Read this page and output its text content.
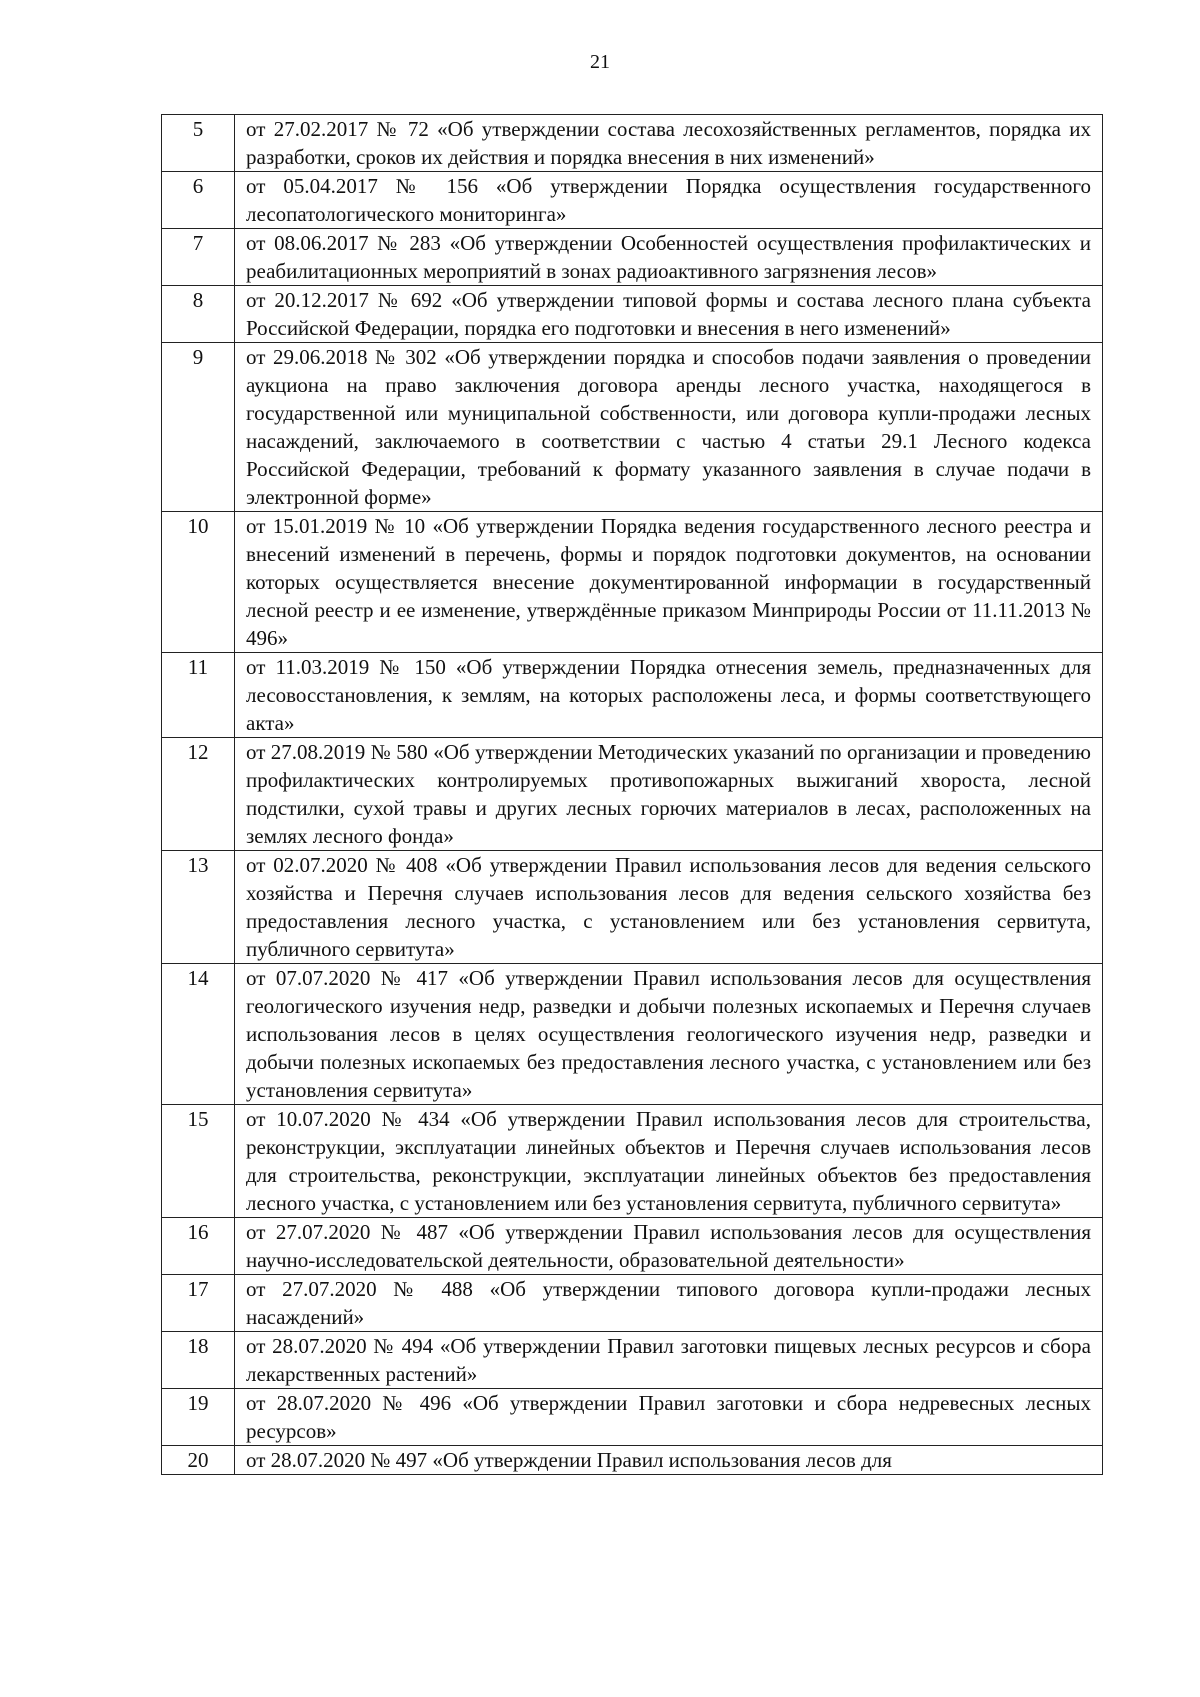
21
5	от 27.02.2017 № 72 «Об утверждении состава лесохозяйственных регламентов, порядка их разработки, сроков их действия и порядка внесения в них изменений»
6	от 05.04.2017 № 156 «Об утверждении Порядка осуществления государственного лесопатологического мониторинга»
7	от 08.06.2017 № 283 «Об утверждении Особенностей осуществления профилактических и реабилитационных мероприятий в зонах радиоактивного загрязнения лесов»
8	от 20.12.2017 № 692 «Об утверждении типовой формы и состава лесного плана субъекта Российской Федерации, порядка его подготовки и внесения в него изменений»
9	от 29.06.2018 № 302 «Об утверждении порядка и способов подачи заявления о проведении аукциона на право заключения договора аренды лесного участка, находящегося в государственной или муниципальной собственности, или договора купли-продажи лесных насаждений, заключаемого в соответствии с частью 4 статьи 29.1 Лесного кодекса Российской Федерации, требований к формату указанного заявления в случае подачи в электронной форме»
10	от 15.01.2019 № 10 «Об утверждении Порядка ведения государственного лесного реестра и внесений изменений в перечень, формы и порядок подготовки документов, на основании которых осуществляется внесение документированной информации в государственный лесной реестр и ее изменение, утверждённые приказом Минприроды России от 11.11.2013 № 496»
11	от 11.03.2019 № 150 «Об утверждении Порядка отнесения земель, предназначенных для лесовосстановления, к землям, на которых расположены леса, и формы соответствующего акта»
12	от 27.08.2019 № 580 «Об утверждении Методических указаний по организации и проведению профилактических контролируемых противопожарных выжиганий хвороста, лесной подстилки, сухой травы и других лесных горючих материалов в лесах, расположенных на землях лесного фонда»
13	от 02.07.2020 № 408 «Об утверждении Правил использования лесов для ведения сельского хозяйства и Перечня случаев использования лесов для ведения сельского хозяйства без предоставления лесного участка, с установлением или без установления сервитута, публичного сервитута»
14	от 07.07.2020 № 417 «Об утверждении Правил использования лесов для осуществления геологического изучения недр, разведки и добычи полезных ископаемых и Перечня случаев использования лесов в целях осуществления геологического изучения недр, разведки и добычи полезных ископаемых без предоставления лесного участка, с установлением или без установления сервитута»
15	от 10.07.2020 № 434 «Об утверждении Правил использования лесов для строительства, реконструкции, эксплуатации линейных объектов и Перечня случаев использования лесов для строительства, реконструкции, эксплуатации линейных объектов без предоставления лесного участка, с установлением или без установления сервитута, публичного сервитута»
16	от 27.07.2020 № 487 «Об утверждении Правил использования лесов для осуществления научно-исследовательской деятельности, образовательной деятельности»
17	от 27.07.2020 № 488 «Об утверждении типового договора купли-продажи лесных насаждений»
18	от 28.07.2020 № 494 «Об утверждении Правил заготовки пищевых лесных ресурсов и сбора лекарственных растений»
19	от 28.07.2020 № 496 «Об утверждении Правил заготовки и сбора недревесных лесных ресурсов»
20	от 28.07.2020 № 497 «Об утверждении Правил использования лесов для
